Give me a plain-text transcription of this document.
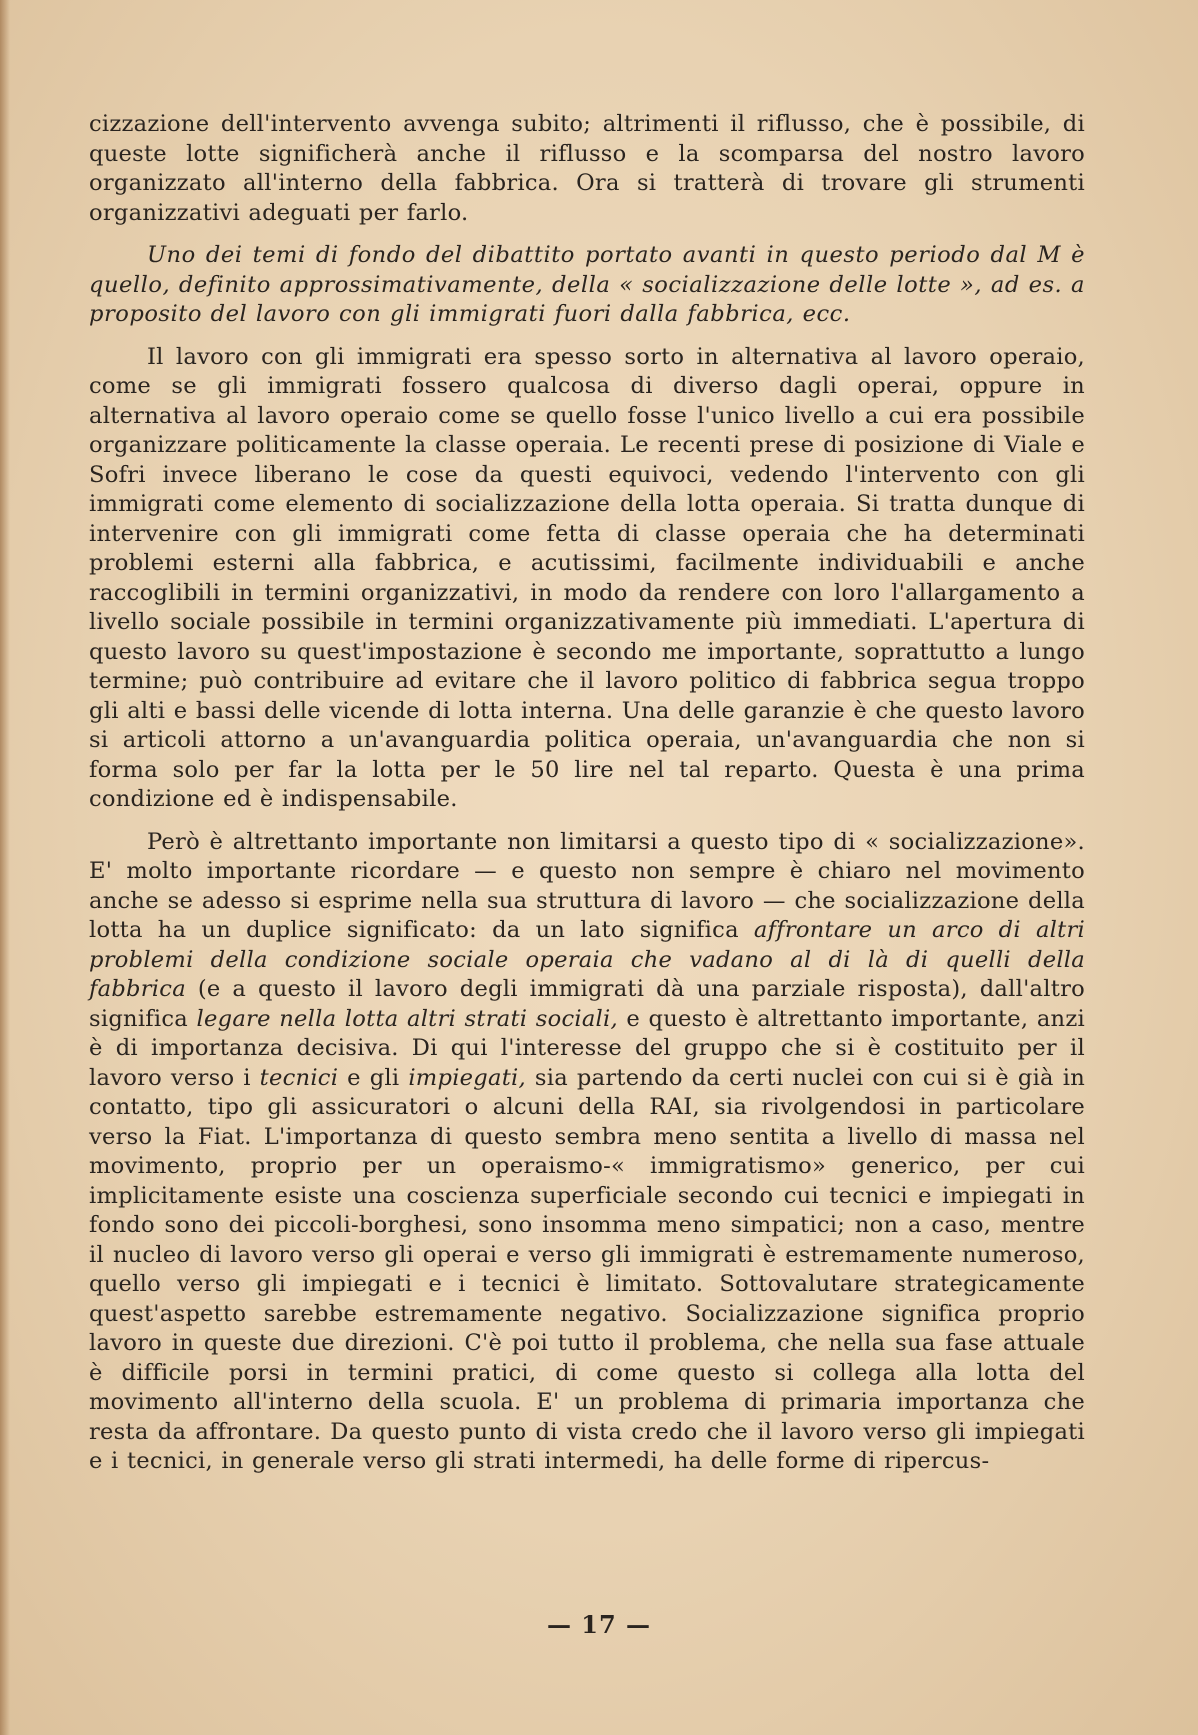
cizzazione dell'intervento avvenga subito; altrimenti il riflusso, che è possibile, di queste lotte significherà anche il riflusso e la scomparsa del nostro lavoro organizzato all'interno della fabbrica. Ora si tratterà di trovare gli strumenti organizzativi adeguati per farlo.

Uno dei temi di fondo del dibattito portato avanti in questo periodo dal M è quello, definito approssimativamente, della « socializzazione delle lotte », ad es. a proposito del lavoro con gli immigrati fuori dalla fabbrica, ecc.

Il lavoro con gli immigrati era spesso sorto in alternativa al lavoro operaio, come se gli immigrati fossero qualcosa di diverso dagli operai, oppure in alternativa al lavoro operaio come se quello fosse l'unico livello a cui era possibile organizzare politicamente la classe operaia. Le recenti prese di posizione di Viale e Sofri invece liberano le cose da questi equivoci, vedendo l'intervento con gli immigrati come elemento di socializzazione della lotta operaia. Si tratta dunque di intervenire con gli immigrati come fetta di classe operaia che ha determinati problemi esterni alla fabbrica, e acutissimi, facilmente individuabili e anche raccoglibili in termini organizzativi, in modo da rendere con loro l'allargamento a livello sociale possibile in termini organizzativamente più immediati. L'apertura di questo lavoro su quest'impostazione è secondo me importante, soprattutto a lungo termine; può contribuire ad evitare che il lavoro politico di fabbrica segua troppo gli alti e bassi delle vicende di lotta interna. Una delle garanzie è che questo lavoro si articoli attorno a un'avanguardia politica operaia, un'avanguardia che non si forma solo per far la lotta per le 50 lire nel tal reparto. Questa è una prima condizione ed è indispensabile.

Però è altrettanto importante non limitarsi a questo tipo di « socializzazione». E' molto importante ricordare — e questo non sempre è chiaro nel movimento anche se adesso si esprime nella sua struttura di lavoro — che socializzazione della lotta ha un duplice significato: da un lato significa affrontare un arco di altri problemi della condizione sociale operaia che vadano al di là di quelli della fabbrica (e a questo il lavoro degli immigrati dà una parziale risposta), dall'altro significa legare nella lotta altri strati sociali, e questo è altrettanto importante, anzi è di importanza decisiva. Di qui l'interesse del gruppo che si è costituito per il lavoro verso i tecnici e gli impiegati, sia partendo da certi nuclei con cui si è già in contatto, tipo gli assicuratori o alcuni della RAI, sia rivolgendosi in particolare verso la Fiat. L'importanza di questo sembra meno sentita a livello di massa nel movimento, proprio per un operaismo-« immigratismo» generico, per cui implicitamente esiste una coscienza superficiale secondo cui tecnici e impiegati in fondo sono dei piccoli-borghesi, sono insomma meno simpatici; non a caso, mentre il nucleo di lavoro verso gli operai e verso gli immigrati è estremamente numeroso, quello verso gli impiegati e i tecnici è limitato. Sottovalutare strategicamente quest'aspetto sarebbe estremamente negativo. Socializzazione significa proprio lavoro in queste due direzioni. C'è poi tutto il problema, che nella sua fase attuale è difficile porsi in termini pratici, di come questo si collega alla lotta del movimento all'interno della scuola. E' un problema di primaria importanza che resta da affrontare. Da questo punto di vista credo che il lavoro verso gli impiegati e i tecnici, in generale verso gli strati intermedi, ha delle forme di ripercus-

— 17 —
